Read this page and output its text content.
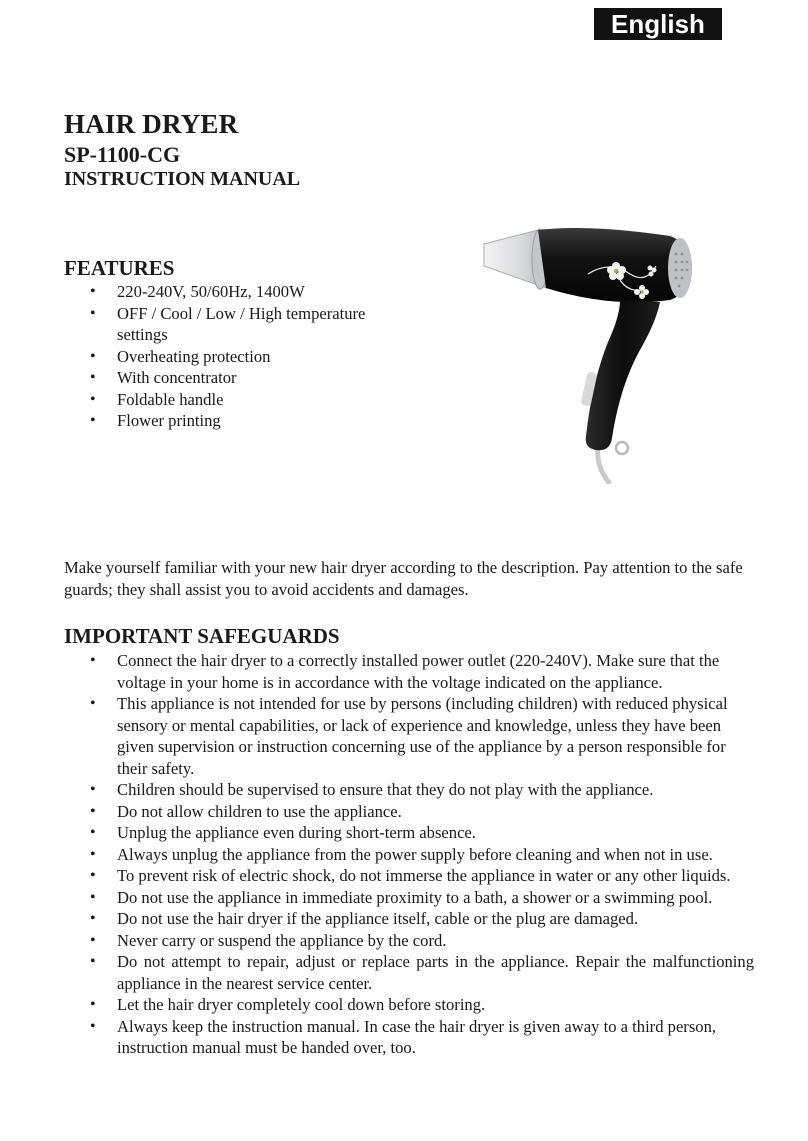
English
HAIR DRYER
SP-1100-CG
INSTRUCTION MANUAL
FEATURES
• 220-240V, 50/60Hz, 1400W
• OFF / Cool / Low / High temperature settings
• Overheating protection
• With concentrator
• Foldable handle
• Flower printing

Make yourself familiar with your new hair dryer according to the description. Pay attention to the safe guards; they shall assist you to avoid accidents and damages.

IMPORTANT SAFEGUARDS
• Connect the hair dryer to a correctly installed power outlet (220-240V). Make sure that the voltage in your home is in accordance with the voltage indicated on the appliance.
• This appliance is not intended for use by persons (including children) with reduced physical sensory or mental capabilities, or lack of experience and knowledge, unless they have been given supervision or instruction concerning use of the appliance by a person responsible for their safety.
• Children should be supervised to ensure that they do not play with the appliance.
• Do not allow children to use the appliance.
• Unplug the appliance even during short-term absence.
• Always unplug the appliance from the power supply before cleaning and when not in use.
• To prevent risk of electric shock, do not immerse the appliance in water or any other liquids.
• Do not use the appliance in immediate proximity to a bath, a shower or a swimming pool.
• Do not use the hair dryer if the appliance itself, cable or the plug are damaged.
• Never carry or suspend the appliance by the cord.
• Do not attempt to repair, adjust or replace parts in the appliance. Repair the malfunctioning appliance in the nearest service center.
• Let the hair dryer completely cool down before storing.
• Always keep the instruction manual. In case the hair dryer is given away to a third person, instruction manual must be handed over, too.
